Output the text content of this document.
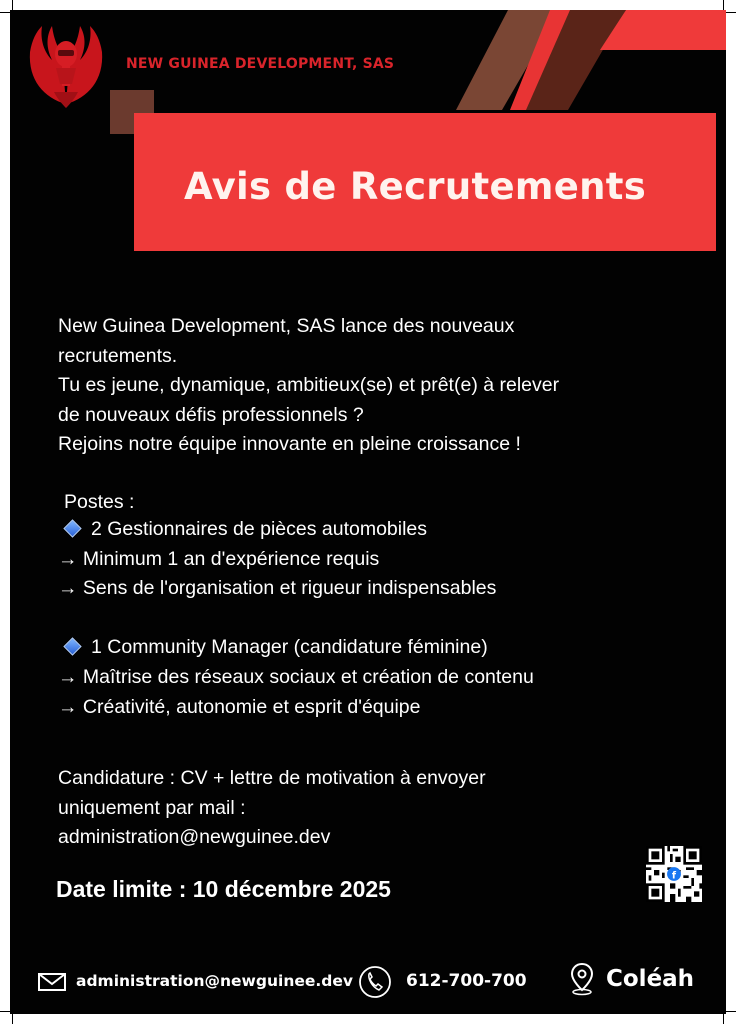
NEW GUINEA DEVELOPMENT, SAS
Avis de Recrutements
New Guinea Development, SAS lance des nouveaux
recrutements.
Tu es jeune, dynamique, ambitieux(se) et prêt(e) à relever
de nouveaux défis professionnels ?
Rejoins notre équipe innovante en pleine croissance !
Postes :
2 Gestionnaires de pièces automobiles
→ Minimum 1 an d'expérience requis
→ Sens de l'organisation et rigueur indispensables
1 Community Manager (candidature féminine)
→ Maîtrise des réseaux sociaux et création de contenu
→ Créativité, autonomie et esprit d'équipe
Candidature : CV + lettre de motivation à envoyer
uniquement par mail :
administration@newguinee.dev
f
Date limite : 10 décembre 2025
administration@newguinee.dev	612-700-700	Coléah
